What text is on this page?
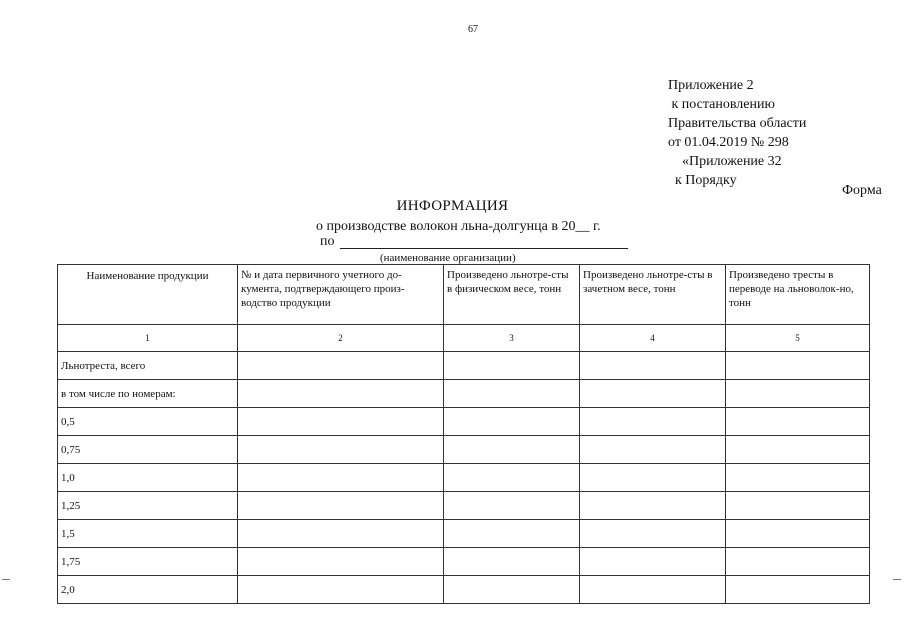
67
Приложение 2
к постановлению
Правительства области
от 01.04.2019 № 298
«Приложение 32
к Порядку
Форма
ИНФОРМАЦИЯ
о производстве волокон льна-долгунца в 20__ г.
по
(наименование организации)
Наименование продукции	№ и дата первичного учетного до-кумента, подтверждающего произ-водство продукции	Произведено льнотре-сты в физическом весе, тонн	Произведено льнотре-сты в зачетном весе, тонн	Произведено тресты в переводе на льноволок-но, тонн
1	2	3	4	5
Льнотреста, всего				
в том числе по номерам:				
0,5				
0,75				
1,0				
1,25				
1,5				
1,75				
2,0				
